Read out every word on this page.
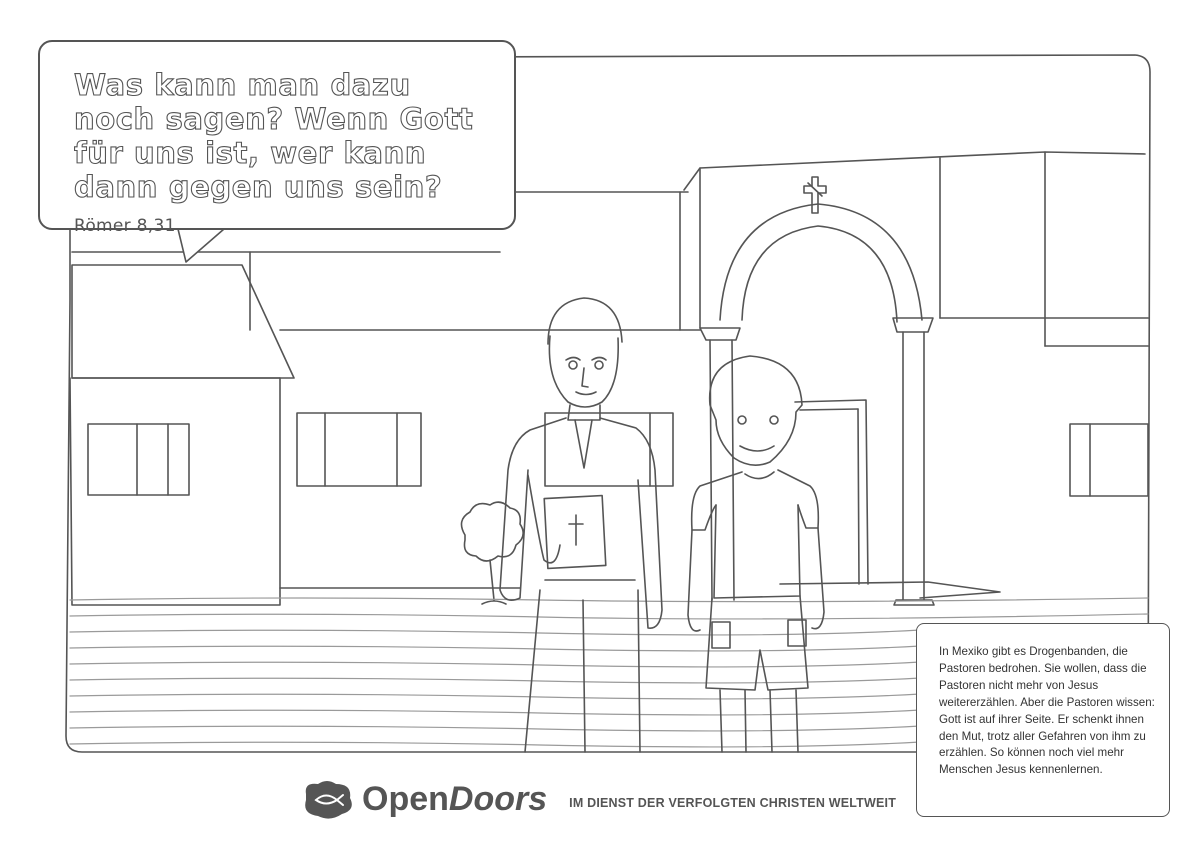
Was kann man dazu noch sagen? Wenn Gott für uns ist, wer kann dann gegen uns sein? Römer 8,31

In Mexiko gibt es Drogenbanden, die Pastoren bedrohen. Sie wollen, dass die Pastoren nicht mehr von Jesus weitererzählen. Aber die Pastoren wissen: Gott ist auf ihrer Seite. Er schenkt ihnen den Mut, trotz aller Gefahren von ihm zu erzählen. So können noch viel mehr Menschen Jesus kennenlernen.

Open Doors IM DIENST DER VERFOLGTEN CHRISTEN WELTWEIT
